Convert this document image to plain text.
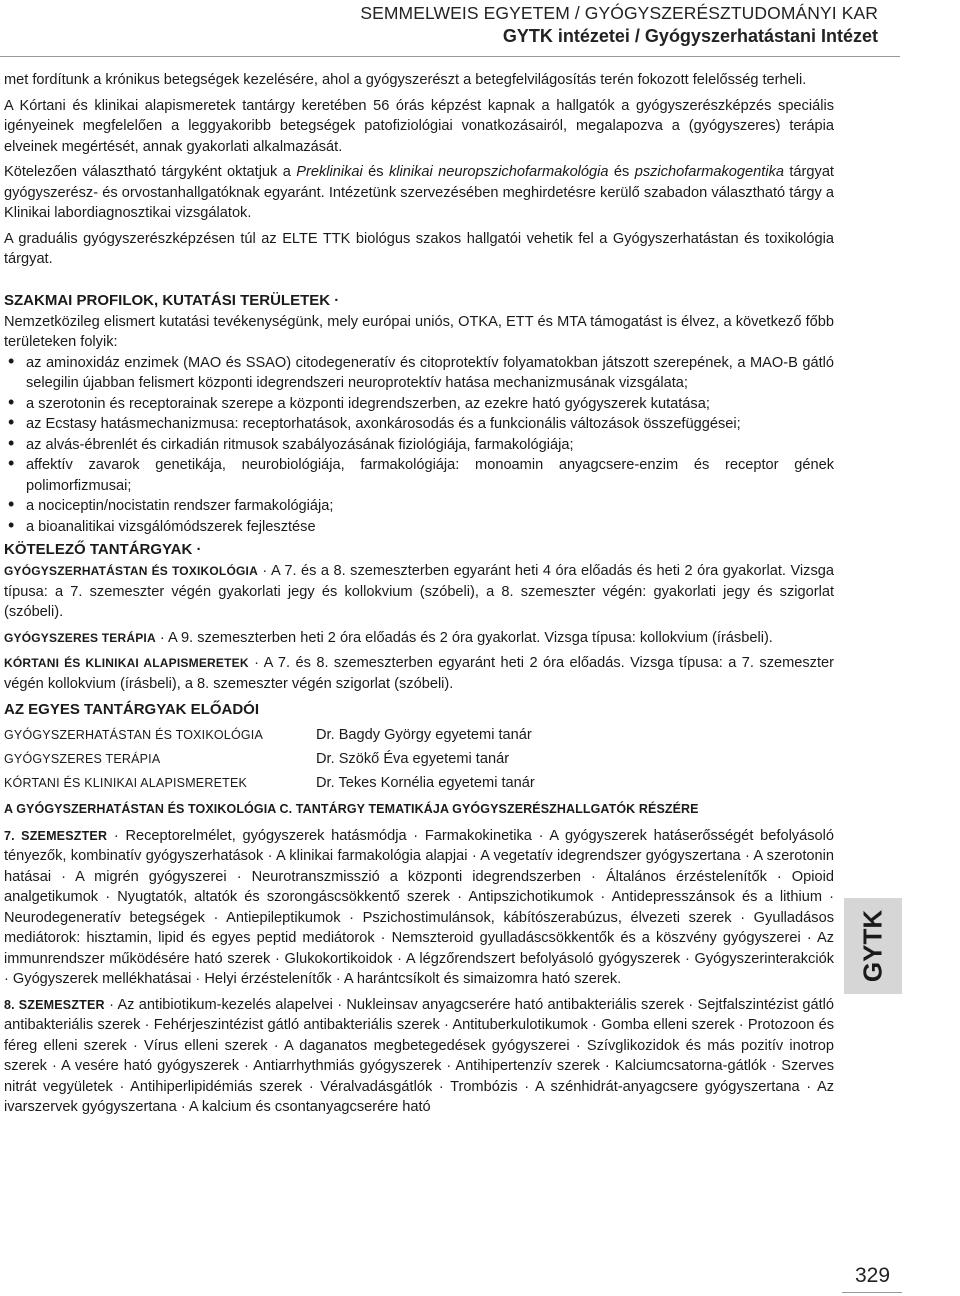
SEMMELWEIS EGYETEM / GYÓGYSZERÉSZTUDOMÁNYI KAR
GYTK intézetei / Gyógyszerhatástani Intézet

met fordítunk a krónikus betegségek kezelésére, ahol a gyógyszerészt a betegfelvilágosítás terén fokozott felelősség terheli.

A Kórtani és klinikai alapismeretek tantárgy keretében 56 órás képzést kapnak a hallgatók a gyógyszerészképzés speciális igényeinek megfelelően a leggyakoribb betegségek patofiziológiai vonatkozásairól, megalapozva a (gyógyszeres) terápia elveinek megértését, annak gyakorlati alkalmazását.

Kötelezően választható tárgyként oktatjuk a Preklinikai és klinikai neuropszichofarmakológia és pszichofarmakogentika tárgyat gyógyszerész- és orvostanhallgatóknak egyaránt. Intézetünk szervezésében meghirdetésre kerülő szabadon választható tárgy a Klinikai labordiagnosztikai vizsgálatok.

A graduális gyógyszerészképzésen túl az ELTE TTK biológus szakos hallgatói vehetik fel a Gyógyszerhatástan és toxikológia tárgyat.

SZAKMAI PROFILOK, KUTATÁSI TERÜLETEK ·

Nemzetközileg elismert kutatási tevékenységünk, mely európai uniós, OTKA, ETT és MTA támogatást is élvez, a következő főbb területeken folyik:

• az aminoxidáz enzimek (MAO és SSAO) citodegeneratív és citoprotektív folyamatokban játszott szerepének, a MAO-B gátló selegilin újabban felismert központi idegrendszeri neuroprotektív hatása mechanizmusának vizsgálata;
• a szerotonin és receptorainak szerepe a központi idegrendszerben, az ezekre ható gyógyszerek kutatása;
• az Ecstasy hatásmechanizmusa: receptorhatások, axonkárosodás és a funkcionális változások összefüggései;
• az alvás-ébrenlét és cirkadián ritmusok szabályozásának fiziológiája, farmakológiája;
• affektív zavarok genetikája, neurobiológiája, farmakológiája: monoamin anyagcsere-enzim és receptor gének polimorfizmusai;
• a nociceptin/nocistatin rendszer farmakológiája;
• a bioanalitikai vizsgálómódszerek fejlesztése
KÖTELEZŐ TANTÁRGYAK ·

GYÓGYSZERHATÁSTAN ÉS TOXIKOLÓGIA · A 7. és a 8. szemeszterben egyaránt heti 4 óra előadás és heti 2 óra gyakorlat. Vizsga típusa: a 7. szemeszter végén gyakorlati jegy és kollokvium (szóbeli), a 8. szemeszter végén: gyakorlati jegy és szigorlat (szóbeli).

GYÓGYSZERES TERÁPIA · A 9. szemeszterben heti 2 óra előadás és 2 óra gyakorlat. Vizsga típusa: kollokvium (írásbeli).

KÓRTANI ÉS KLINIKAI ALAPISMERETEK · A 7. és 8. szemeszterben egyaránt heti 2 óra előadás. Vizsga típusa: a 7. szemeszter végén kollokvium (írásbeli), a 8. szemeszter végén szigorlat (szóbeli).

AZ EGYES TANTÁRGYAK ELŐADÓI
GYÓGYSZERHATÁSTAN ÉS TOXIKOLÓGIA	Dr. Bagdy György egyetemi tanár
GYÓGYSZERES TERÁPIA	Dr. Szökő Éva egyetemi tanár
KÓRTANI ÉS KLINIKAI ALAPISMERETEK	Dr. Tekes Kornélia egyetemi tanár
A GYÓGYSZERHATÁSTAN ÉS TOXIKOLÓGIA C. TANTÁRGY TEMATIKÁJA GYÓGYSZERÉSZHALLGATÓK RÉSZÉRE

7. SZEMESZTER · Receptorelmélet, gyógyszerek hatásmódja · Farmakokinetika · A gyógyszerek hatáserősségét befolyásoló tényezők, kombinatív gyógyszerhatások · A klinikai farmakológia alapjai · A vegetatív idegrendszer gyógyszertana · A szerotonin hatásai · A migrén gyógyszerei · Neurotranszmisszió a központi idegrendszerben · Általános érzéstelenítők · Opioid analgetikumok · Nyugtatók, altatók és szorongáscsökkentő szerek · Antipszichotikumok · Antidepresszánsok és a lithium · Neurodegeneratív betegségek · Antiepileptikumok · Pszichostimulánsok, kábítószerabúzus, élvezeti szerek · Gyulladásos mediátorok: hisztamin, lipid és egyes peptid mediátorok · Nemszteroid gyulladáscsökkentők és a köszvény gyógyszerei · Az immunrendszer működésére ható szerek · Glukokortikoidok · A légzőrendszert befolyásoló gyógyszerek · Gyógyszerinterakciók · Gyógyszerek mellékhatásai · Helyi érzéstelenítők · A harántcsíkolt és simaizomra ható szerek.

8. SZEMESZTER · Az antibiotikum-kezelés alapelvei · Nukleinsav anyagcserére ható antibakteriális szerek · Sejtfalszintézist gátló antibakteriális szerek · Fehérjeszintézist gátló antibakteriális szerek · Antituberkulotikumok · Gomba elleni szerek · Protozoon és féreg elleni szerek · Vírus elleni szerek · A daganatos megbetegedések gyógyszerei · Szívglikozidok és más pozitív inotrop szerek · A vesére ható gyógyszerek · Antiarrhythmiás gyógyszerek · Antihipertenzív szerek · Kalciumcsatorna-gátlók · Szerves nitrát vegyületek · Antihiperlipidémiás szerek · Véralvadásgátlók · Trombózis · A szénhidrát-anyagcsere gyógyszertana · Az ivarszervek gyógyszertana · A kalcium és csontanyagcserére ható

GYTK
329
